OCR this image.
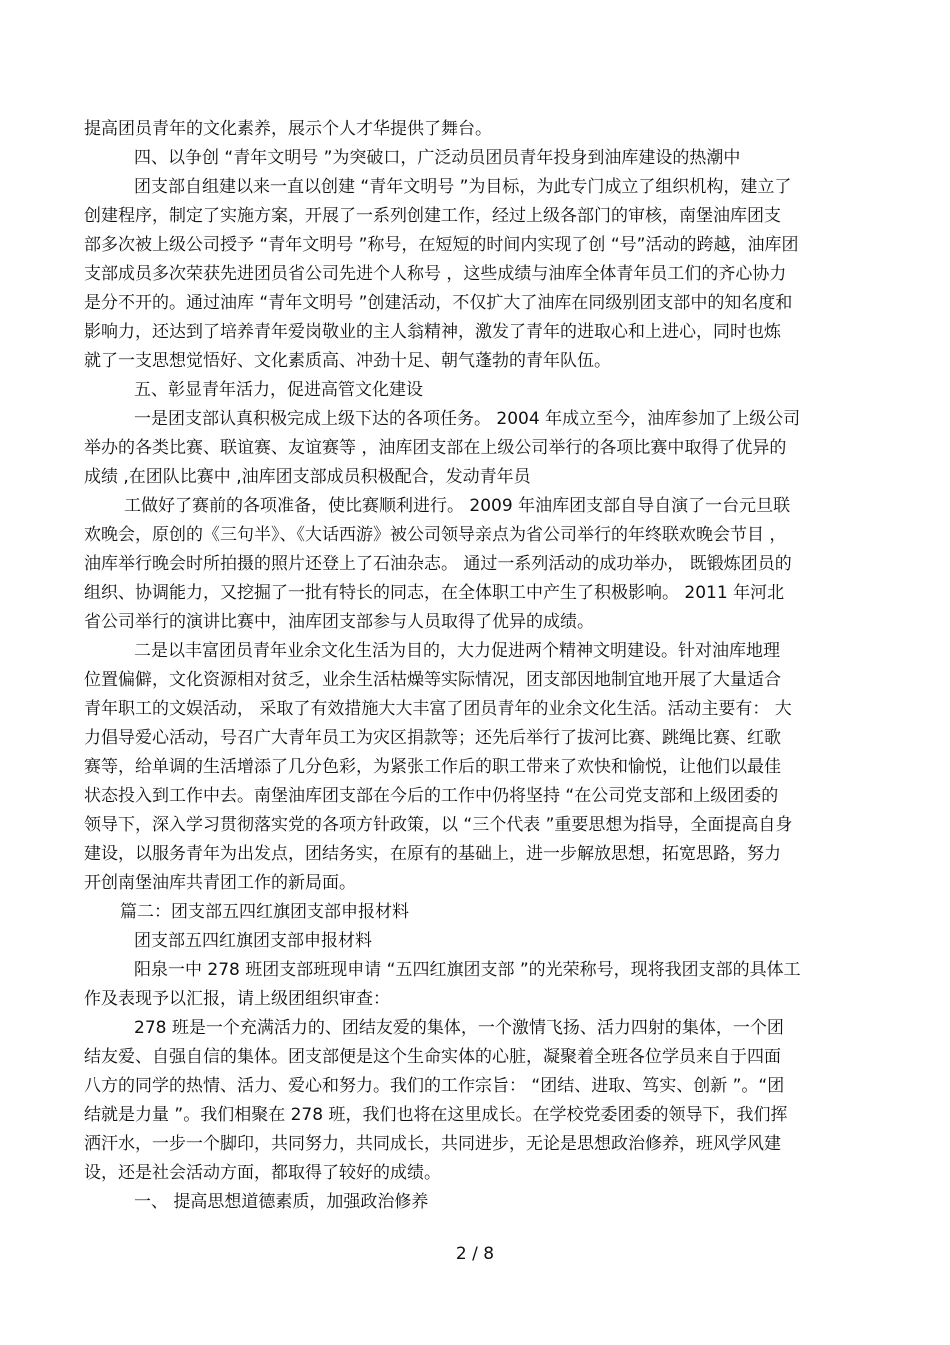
提高团员青年的文化素养，展示个人才华提供了舞台。
四、以争创 “青年文明号 ”为突破口，广泛动员团员青年投身到油库建设的热潮中
团支部自组建以来一直以创建 “青年文明号 ”为目标，为此专门成立了组织机构，建立了
创建程序，制定了实施方案，开展了一系列创建工作，经过上级各部门的审核，南堡油库团支
部多次被上级公司授予 “青年文明号 ”称号，在短短的时间内实现了创 “号”活动的跨越，油库团
支部成员多次荣获先进团员省公司先进个人称号 ，这些成绩与油库全体青年员工们的齐心协力
是分不开的。通过油库 “青年文明号 ”创建活动，不仅扩大了油库在同级别团支部中的知名度和
影响力，还达到了培养青年爱岗敬业的主人翁精神，激发了青年的进取心和上进心，同时也炼
就了一支思想觉悟好、文化素质高、冲劲十足、朝气蓬勃的青年队伍。
五、彰显青年活力，促进高管文化建设
一是团支部认真积极完成上级下达的各项任务。 2004 年成立至今，油库参加了上级公司
举办的各类比赛、联谊赛、友谊赛等 ，油库团支部在上级公司举行的各项比赛中取得了优异的
成绩 ,在团队比赛中 ,油库团支部成员积极配合，发动青年员
工做好了赛前的各项准备，使比赛顺利进行。 2009 年油库团支部自导自演了一台元旦联
欢晚会，原创的《三句半》、《大话西游》被公司领导亲点为省公司举行的年终联欢晚会节目 ，
油库举行晚会时所拍摄的照片还登上了石油杂志。 通过一系列活动的成功举办， 既锻炼团员的
组织、协调能力，又挖掘了一批有特长的同志，在全体职工中产生了积极影响。 2011 年河北
省公司举行的演讲比赛中，油库团支部参与人员取得了优异的成绩。
二是以丰富团员青年业余文化生活为目的，大力促进两个精神文明建设。针对油库地理
位置偏僻，文化资源相对贫乏，业余生活枯燥等实际情况，团支部因地制宜地开展了大量适合
青年职工的文娱活动， 采取了有效措施大大丰富了团员青年的业余文化生活。活动主要有： 大
力倡导爱心活动，号召广大青年员工为灾区捐款等；还先后举行了拔河比赛、跳绳比赛、红歌
赛等，给单调的生活增添了几分色彩，为紧张工作后的职工带来了欢快和愉悦，让他们以最佳
状态投入到工作中去。南堡油库团支部在今后的工作中仍将坚持 “在公司党支部和上级团委的
领导下，深入学习贯彻落实党的各项方针政策，以 “三个代表 ”重要思想为指导，全面提高自身
建设，以服务青年为出发点，团结务实，在原有的基础上，进一步解放思想，拓宽思路，努力
开创南堡油库共青团工作的新局面。
篇二：团支部五四红旗团支部申报材料
团支部五四红旗团支部申报材料
阳泉一中 278 班团支部班现申请 “五四红旗团支部 ”的光荣称号，现将我团支部的具体工
作及表现予以汇报，请上级团组织审查：
278 班是一个充满活力的、团结友爱的集体，一个激情飞扬、活力四射的集体，一个团
结友爱、自强自信的集体。团支部便是这个生命实体的心脏，凝聚着全班各位学员来自于四面
八方的同学的热情、活力、爱心和努力。我们的工作宗旨： “团结、进取、笃实、创新 ”。“团
结就是力量 ”。我们相聚在 278 班，我们也将在这里成长。在学校党委团委的领导下，我们挥
洒汗水，一步一个脚印，共同努力，共同成长，共同进步，无论是思想政治修养，班风学风建
设，还是社会活动方面，都取得了较好的成绩。
一、 提高思想道德素质，加强政治修养
2 / 8
